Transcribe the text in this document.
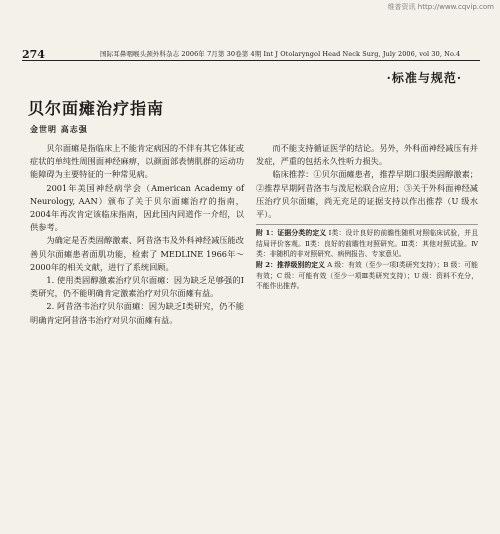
维普资讯 http://www.cqvip.com
274	国际耳鼻咽喉头颈外科杂志 2006年 7月第 30卷第 4期 Int J Otolaryngol Head Neck Surg, July 2006, vol 30, No.4
·标准与规范·
贝尔面瘫治疗指南
金世明 高志强

贝尔面瘫是指临床上不能肯定病因的不伴有其它体征或症状的单纯性周围面神经麻痹，以颜面部表情肌群的运动功能障碍为主要特征的一种常见病。

2001年美国神经病学会（American Academy of Neurology, AAN）颁布了关于贝尔面瘫治疗的指南，2004年再次肯定该临床指南，因此国内同道作一介绍，以供参考。

为确定是否类固醇激素、阿昔洛韦及外科神经减压能改善贝尔面瘫患者面肌功能，检索了 MEDLINE 1966年～2000年的相关文献，进行了系统回顾。

1. 使用类固醇激素治疗贝尔面瘫：因为缺乏足够强的Ⅰ类研究，仍不能明确肯定激素治疗对贝尔面瘫有益。

2. 阿昔洛韦治疗贝尔面瘫：因为缺乏Ⅰ类研究，仍不能明确肯定阿昔洛韦治疗对贝尔面瘫有益。

而不能支持循证医学的结论。另外，外科面神经减压有并发症，严重的包括永久性听力损失。

临床推荐：①贝尔面瘫患者，推荐早期口服类固醇激素；②推荐早期阿昔洛韦与泼尼松联合应用；③关于外科面神经减压治疗贝尔面瘫，尚无充足的证据支持以作出推荐（U 级水平）。

附 1：证据分类的定义 Ⅰ类：设计良好的前瞻性随机对照临床试验，并且结局评价客观。Ⅱ类：良好的前瞻性对照研究。Ⅲ类：其他对照试验。Ⅳ类：非随机的非对照研究、病例报告、专家意见。
附 2：推荐级别的定义 A 级：有效（至少一项Ⅰ类研究支持）；B 级：可能有效；C 级：可能有效（至少一项Ⅲ类研究支持）；U 级：资料不充分，不能作出推荐。
